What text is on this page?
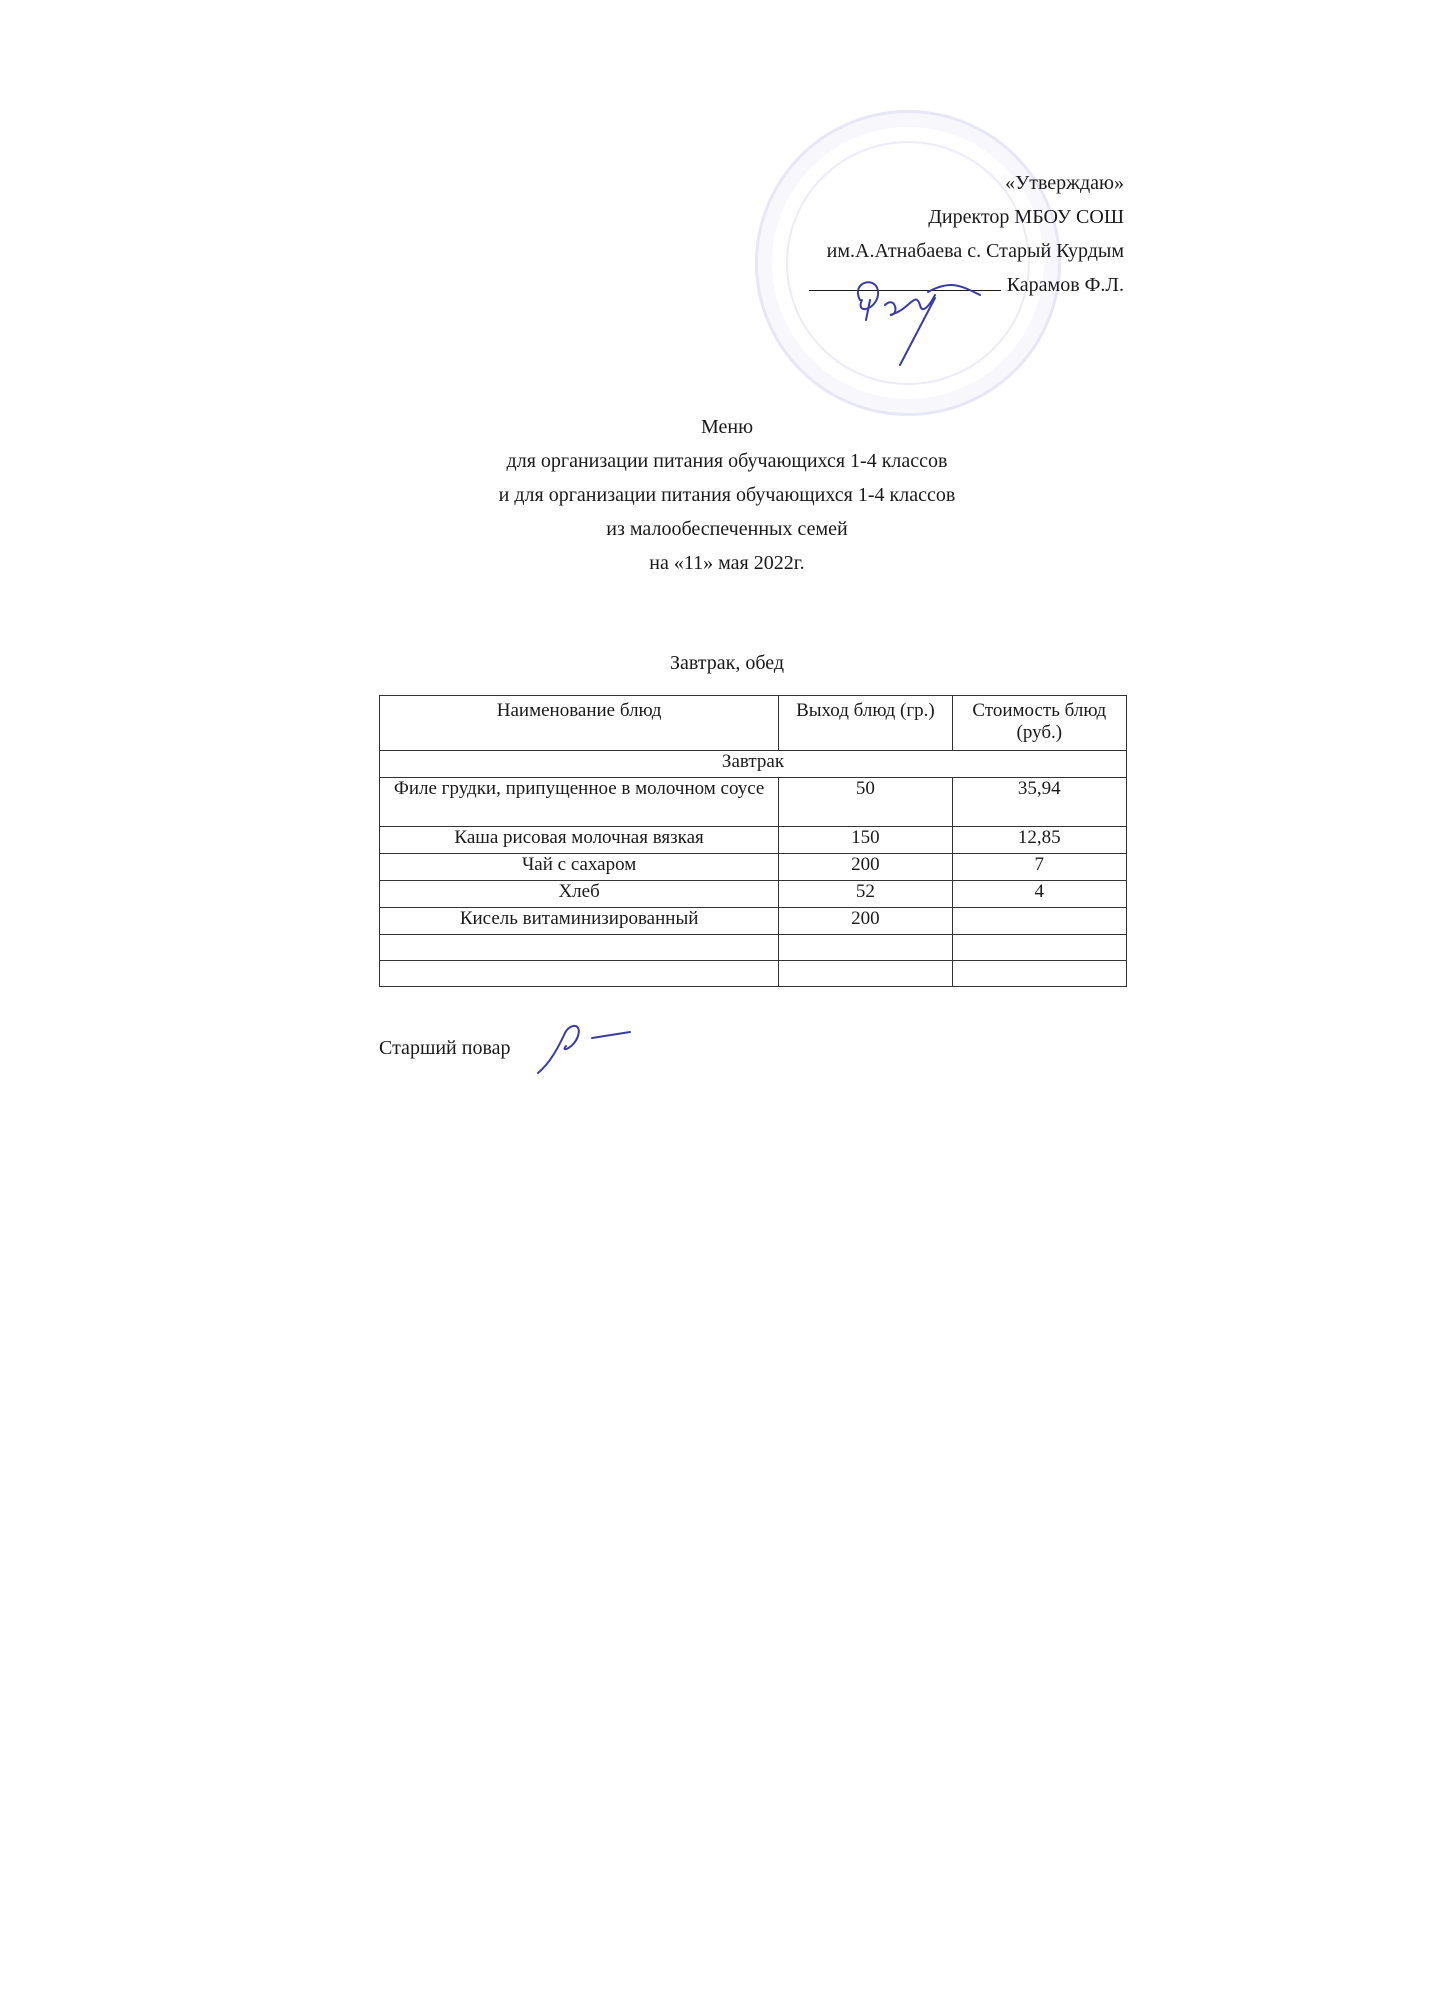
«Утверждаю»
Директор МБОУ СОШ
им.А.Атнабаева с. Старый Курдым
Карамов Ф.Л.
Меню
для организации питания обучающихся 1-4 классов
и для организации питания обучающихся 1-4 классов
из малообеспеченных семей
на «11» мая 2022г.
Завтрак, обед
Наименование блюд	Выход блюд (гр.)	Стоимость блюд (руб.)
Завтрак		
Филе грудки, припущенное в молочном соусе	50	35,94
Каша рисовая молочная вязкая	150	12,85
Чай с сахаром	200	7
Хлеб	52	4
Кисель витаминизированный	200	

Старший повар
